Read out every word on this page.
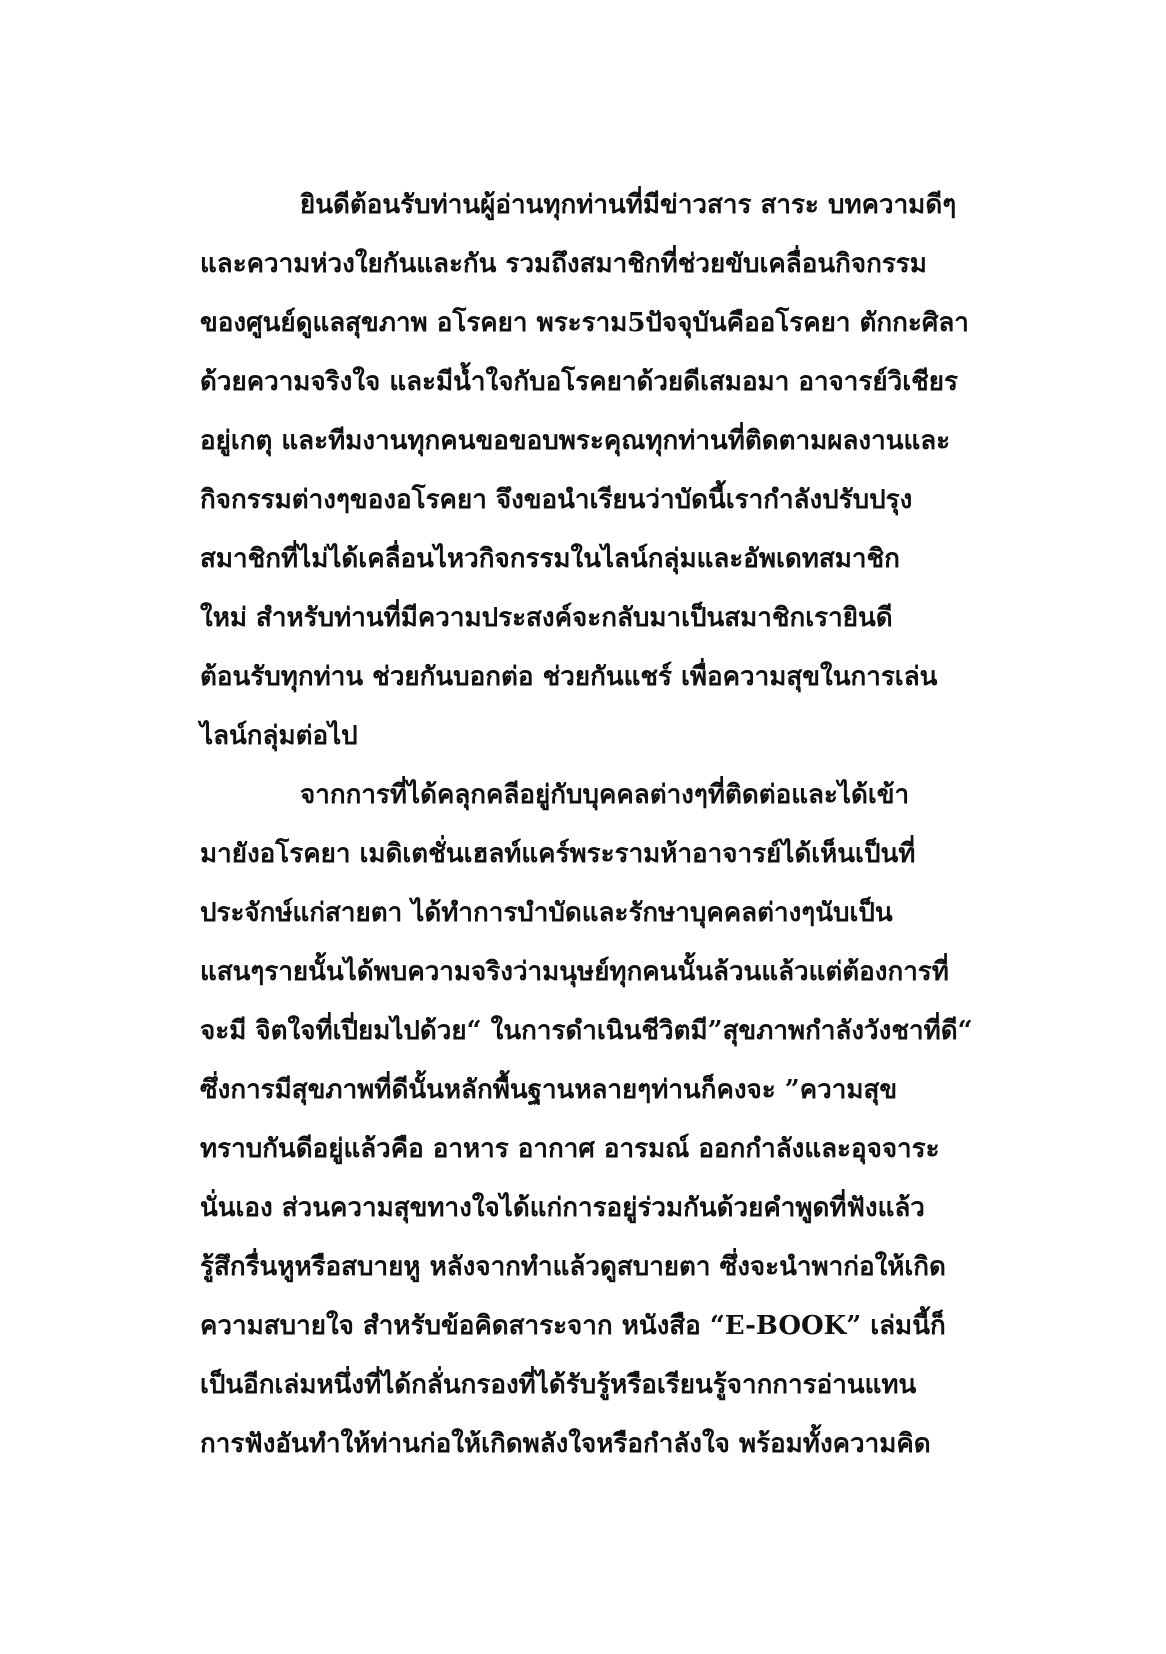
ยินดีต้อนรับท่านผู้อ่านทุกท่านที่มีข่าวสาร สาระ บทความดีๆ
และความห่วงใยกันและกัน รวมถึงสมาชิกที่ช่วยขับเคลื่อนกิจกรรม
ของศูนย์ดูแลสุขภาพ อโรคยา พระราม5ปัจจุบันคืออโรคยา ตักกะศิลา
ด้วยความจริงใจ และมีน้ำใจกับอโรคยาด้วยดีเสมอมา อาจารย์วิเชียร
อยู่เกตุ และทีมงานทุกคนขอขอบพระคุณทุกท่านที่ติดตามผลงานและ
กิจกรรมต่างๆของอโรคยา จึงขอนำเรียนว่าบัดนี้เรากำลังปรับปรุง
สมาชิกที่ไม่ได้เคลื่อนไหวกิจกรรมในไลน์กลุ่มและอัพเดทสมาชิก
ใหม่ สำหรับท่านที่มีความประสงค์จะกลับมาเป็นสมาชิกเรายินดี
ต้อนรับทุกท่าน ช่วยกันบอกต่อ ช่วยกันแชร์ เพื่อความสุขในการเล่น
ไลน์กลุ่มต่อไป
จากการที่ได้คลุกคลีอยู่กับบุคคลต่างๆที่ติดต่อและได้เข้า
มายังอโรคยา เมดิเตชั่นเฮลท์แคร์พระรามห้าอาจารย์ได้เห็นเป็นที่
ประจักษ์แก่สายตา ได้ทำการบำบัดและรักษาบุคคลต่างๆนับเป็น
แสนๆรายนั้นได้พบความจริงว่ามนุษย์ทุกคนนั้นล้วนแล้วแต่ต้องการที่
จะมี จิตใจที่เปี่ยมไปด้วย“ ในการดำเนินชีวิตมี”สุขภาพกำลังวังชาที่ดี“
ซึ่งการมีสุขภาพที่ดีนั้นหลักพื้นฐานหลายๆท่านก็คงจะ ”ความสุข
ทราบกันดีอยู่แล้วคือ อาหาร อากาศ อารมณ์ ออกกำลังและอุจจาระ
นั่นเอง ส่วนความสุขทางใจได้แก่การอยู่ร่วมกันด้วยคำพูดที่ฟังแล้ว
รู้สึกรื่นหูหรือสบายหู หลังจากทำแล้วดูสบายตา ซึ่งจะนำพาก่อให้เกิด
ความสบายใจ สำหรับข้อคิดสาระจาก หนังสือ “E-BOOK” เล่มนี้ก็
เป็นอีกเล่มหนึ่งที่ได้กลั่นกรองที่ได้รับรู้หรือเรียนรู้จากการอ่านแทน
การฟังอันทำให้ท่านก่อให้เกิดพลังใจหรือกำลังใจ พร้อมทั้งความคิด
